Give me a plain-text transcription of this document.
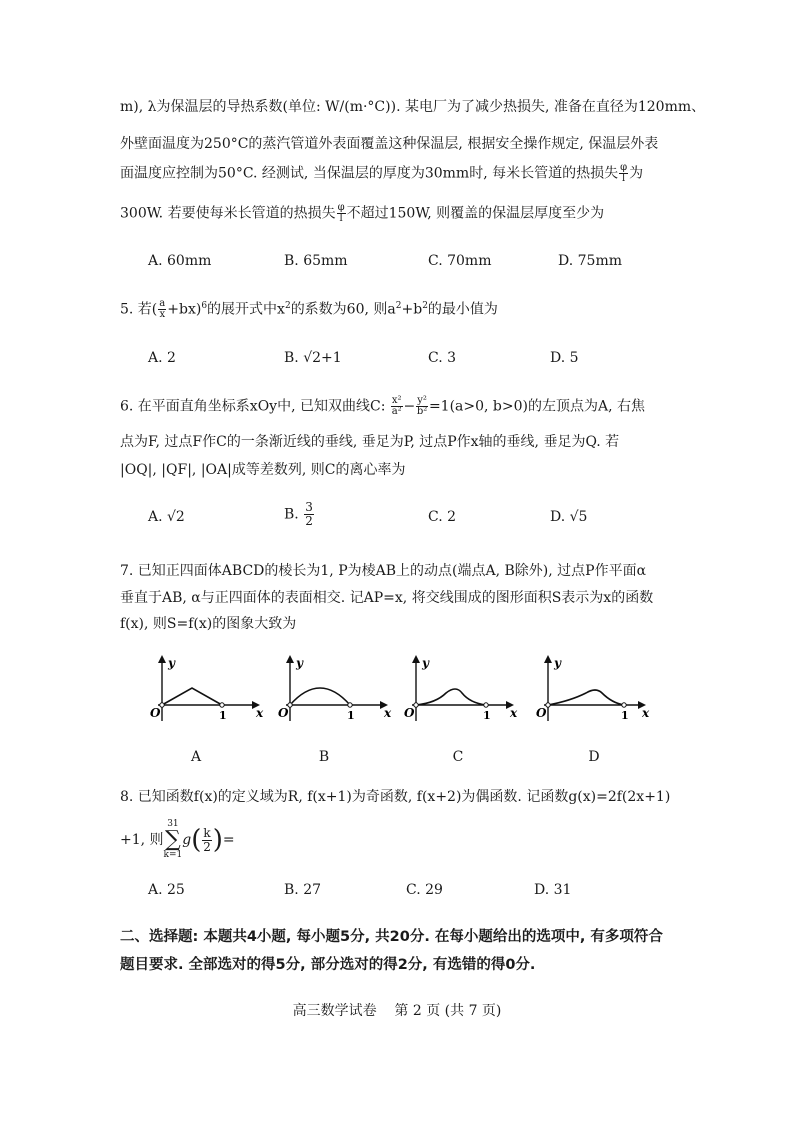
m), λ为保温层的导热系数(单位: W/(m·°C)). 某电厂为了减少热损失, 准备在直径为120mm、
外壁面温度为250°C的蒸汽管道外表面覆盖这种保温层, 根据安全操作规定, 保温层外表
面温度应控制为50°C. 经测试, 当保温层的厚度为30mm时, 每米长管道的热损失 $\frac{\varphi}{l}$ 为
300W. 若要使每米长管道的热损失 $\frac{\varphi}{l}$ 不超过150W, 则覆盖的保温层厚度至少为
A. 60mm	B. 65mm	C. 70mm	D. 75mm
5. 若( $\frac{a}{x} +bx)^6$的展开式中$x^2$的系数为60, 则$a^2+b^2$的最小值为
A. 2	B. √2+1	C. 3	D. 5
6. 在平面直角坐标系xOy中, 已知双曲线C: $\frac{\text{x²}}{\text{a²}} - \frac{\text{y²}}{\text{b²}} =1(a>0$, b>0)的左顶点为A, 右焦
点为F, 过点F作C的一条渐近线的垂线, 垂足为P, 过点P作x轴的垂线, 垂足为Q. 若
|OQ|, |QF|, |OA|成等差数列, 则C的离心率为
A. √2	B. $\frac{3}{2}$	C. 2	D. √5
7. 已知正四面体ABCD的棱长为1, P为棱AB上的动点(端点A, B除外), 过点P作平面α
垂直于AB, α与正四面体的表面相交. 记AP=x, 将交线围成的图形面积S表示为x的函数
f(x), 则S=f(x)的图象大致为
y
x
O	1
y
x
O	1
y
x
O	1
y
x
O	1
A	B	C	D
8. 已知函数f(x)的定义域为R, f(x+1)为奇函数, f(x+2)为偶函数. 记函数g(x)=2f(2x+1)
+1, 则
31
∑
k=1
$g( \frac{k}{2}$ )=
A. 25	B. 27	C. 29	D. 31
二、选择题: 本题共4小题, 每小题5分, 共20分. 在每小题给出的选项中, 有多项符合
题目要求. 全部选对的得5分, 部分选对的得2分, 有选错的得0分.
高三数学试卷    第 2 页 (共 7 页)
